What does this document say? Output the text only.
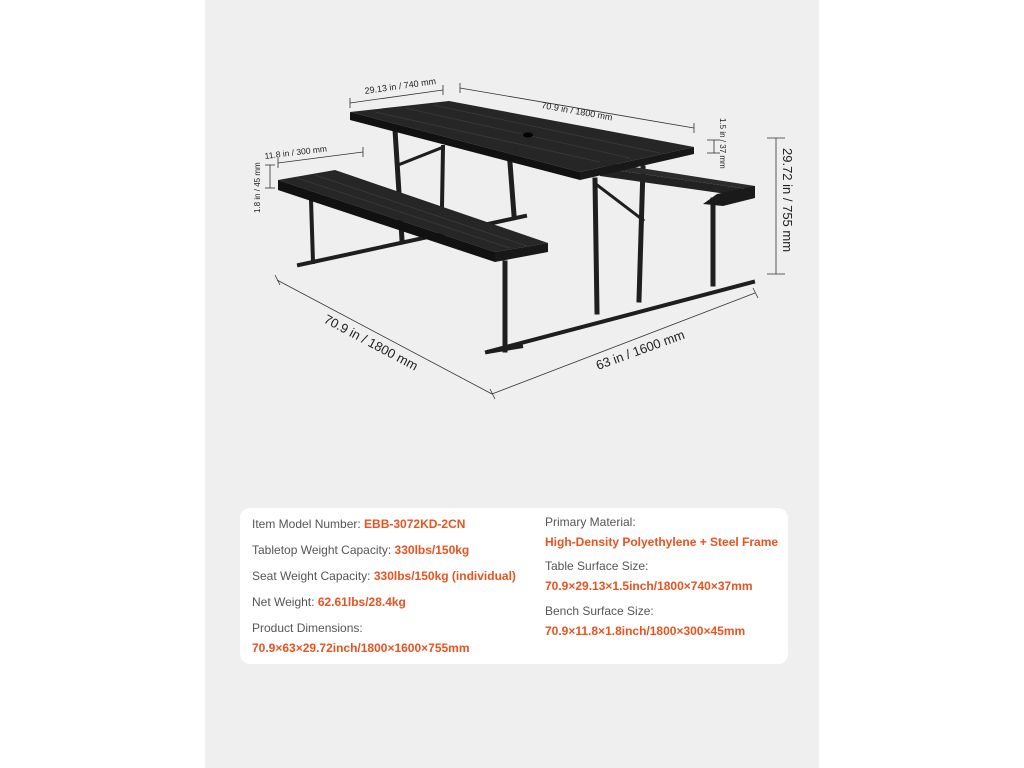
29.13 in / 740 mm
70.9 in / 1800 mm
1.5 in / 37 mm
11.8 in / 300 mm
1.8 in / 45 mm	29.72 in / 755 mm
70.9 in / 1800 mm	63 in / 1600 mm
Item Model Number: EBB-3072KD-2CN
Tabletop Weight Capacity: 330lbs/150kg
Seat Weight Capacity: 330lbs/150kg (individual)
Net Weight: 62.61lbs/28.4kg
Product Dimensions:
70.9×63×29.72inch/1800×1600×755mm
Primary Material:
High-Density Polyethylene + Steel Frame
Table Surface Size:
70.9×29.13×1.5inch/1800×740×37mm
Bench Surface Size:
70.9×11.8×1.8inch/1800×300×45mm
